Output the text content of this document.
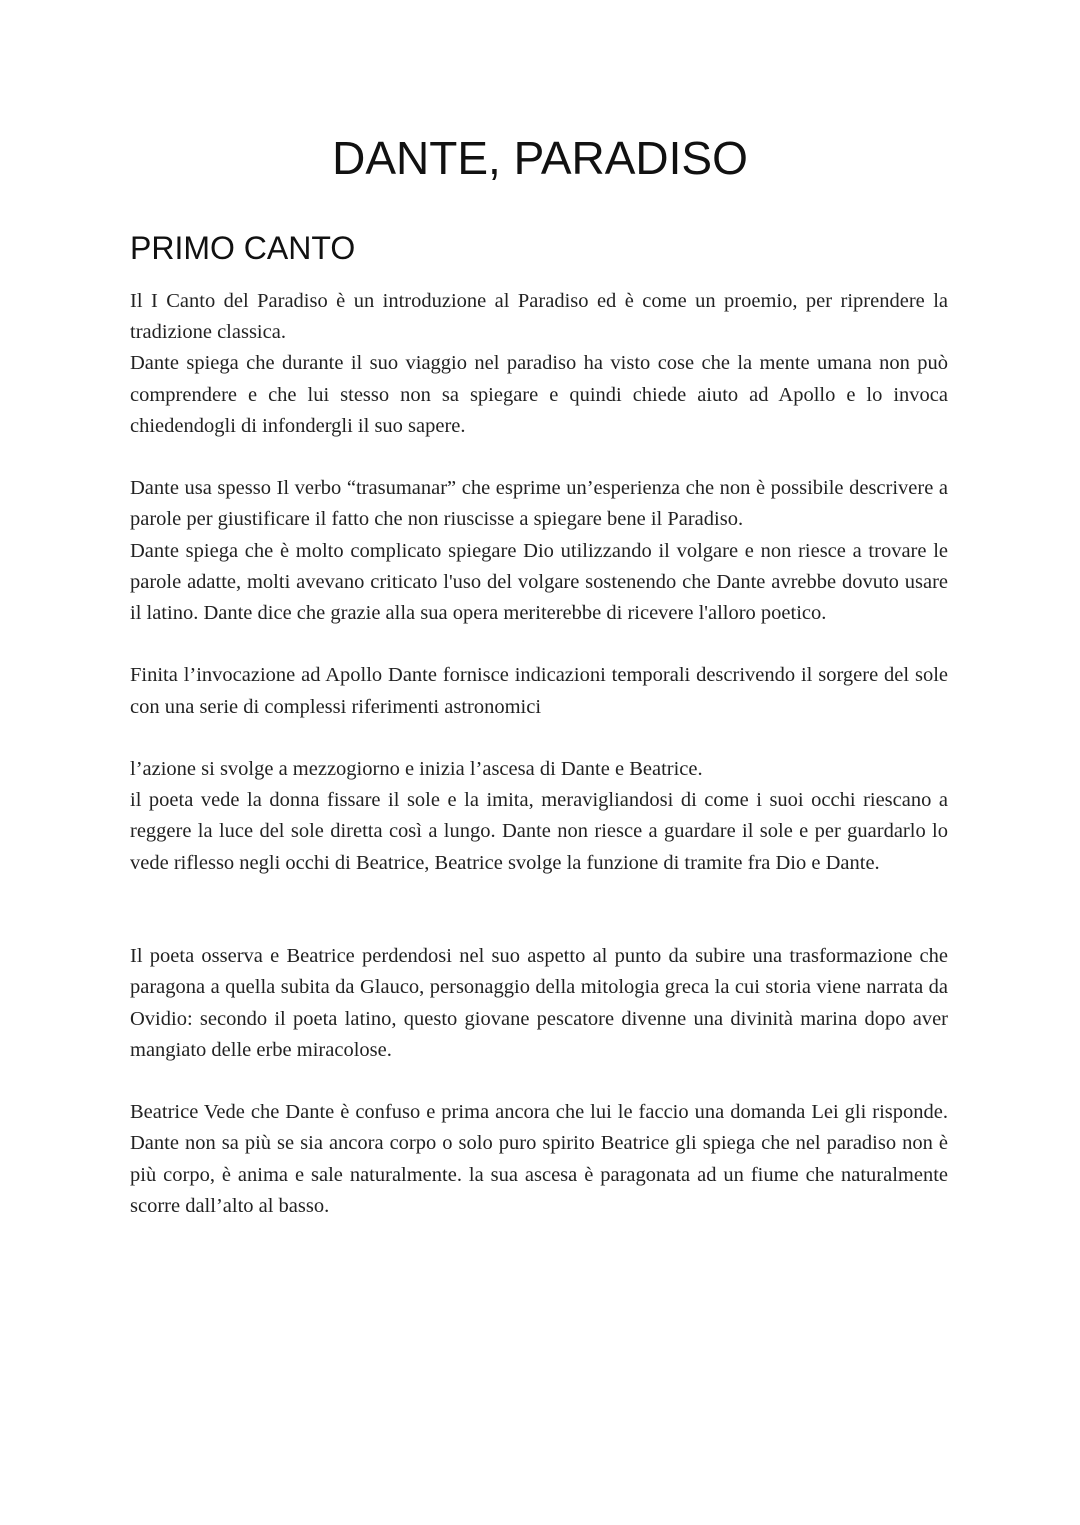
DANTE, PARADISO
PRIMO CANTO

Il I Canto del Paradiso è un introduzione al Paradiso ed è come un proemio, per riprendere la tradizione classica.

Dante spiega che durante il suo viaggio nel paradiso ha visto cose che la mente umana non può comprendere e che lui stesso non sa spiegare e quindi chiede aiuto ad Apollo e lo invoca chiedendogli di infondergli il suo sapere.

Dante usa spesso Il verbo “trasumanar” che esprime un’esperienza che non è possibile descrivere a parole per giustificare il fatto che non riuscisse a spiegare bene il Paradiso.

Dante spiega che è molto complicato spiegare Dio utilizzando il volgare e non riesce a trovare le parole adatte, molti avevano criticato l'uso del volgare sostenendo che Dante avrebbe dovuto usare il latino. Dante dice che grazie alla sua opera meriterebbe di ricevere l'alloro poetico.

Finita l’invocazione ad Apollo Dante fornisce indicazioni temporali descrivendo il sorgere del sole con una serie di complessi riferimenti astronomici

l’azione si svolge a mezzogiorno e inizia l’ascesa di Dante e Beatrice.

il poeta vede la donna fissare il sole e la imita, meravigliandosi di come i suoi occhi riescano a reggere la luce del sole diretta così a lungo. Dante non riesce a guardare il sole e per guardarlo lo vede riflesso negli occhi di Beatrice, Beatrice svolge la funzione di tramite fra Dio e Dante.

Il poeta osserva e Beatrice perdendosi nel suo aspetto al punto da subire una trasformazione che paragona a quella subita da Glauco, personaggio della mitologia greca la cui storia viene narrata da Ovidio: secondo il poeta latino, questo giovane pescatore divenne una divinità marina dopo aver mangiato delle erbe miracolose.

Beatrice Vede che Dante è confuso e prima ancora che lui le faccio una domanda Lei gli risponde. Dante non sa più se sia ancora corpo o solo puro spirito Beatrice gli spiega che nel paradiso non è più corpo, è anima e sale naturalmente. la sua ascesa è paragonata ad un fiume che naturalmente scorre dall’alto al basso.
